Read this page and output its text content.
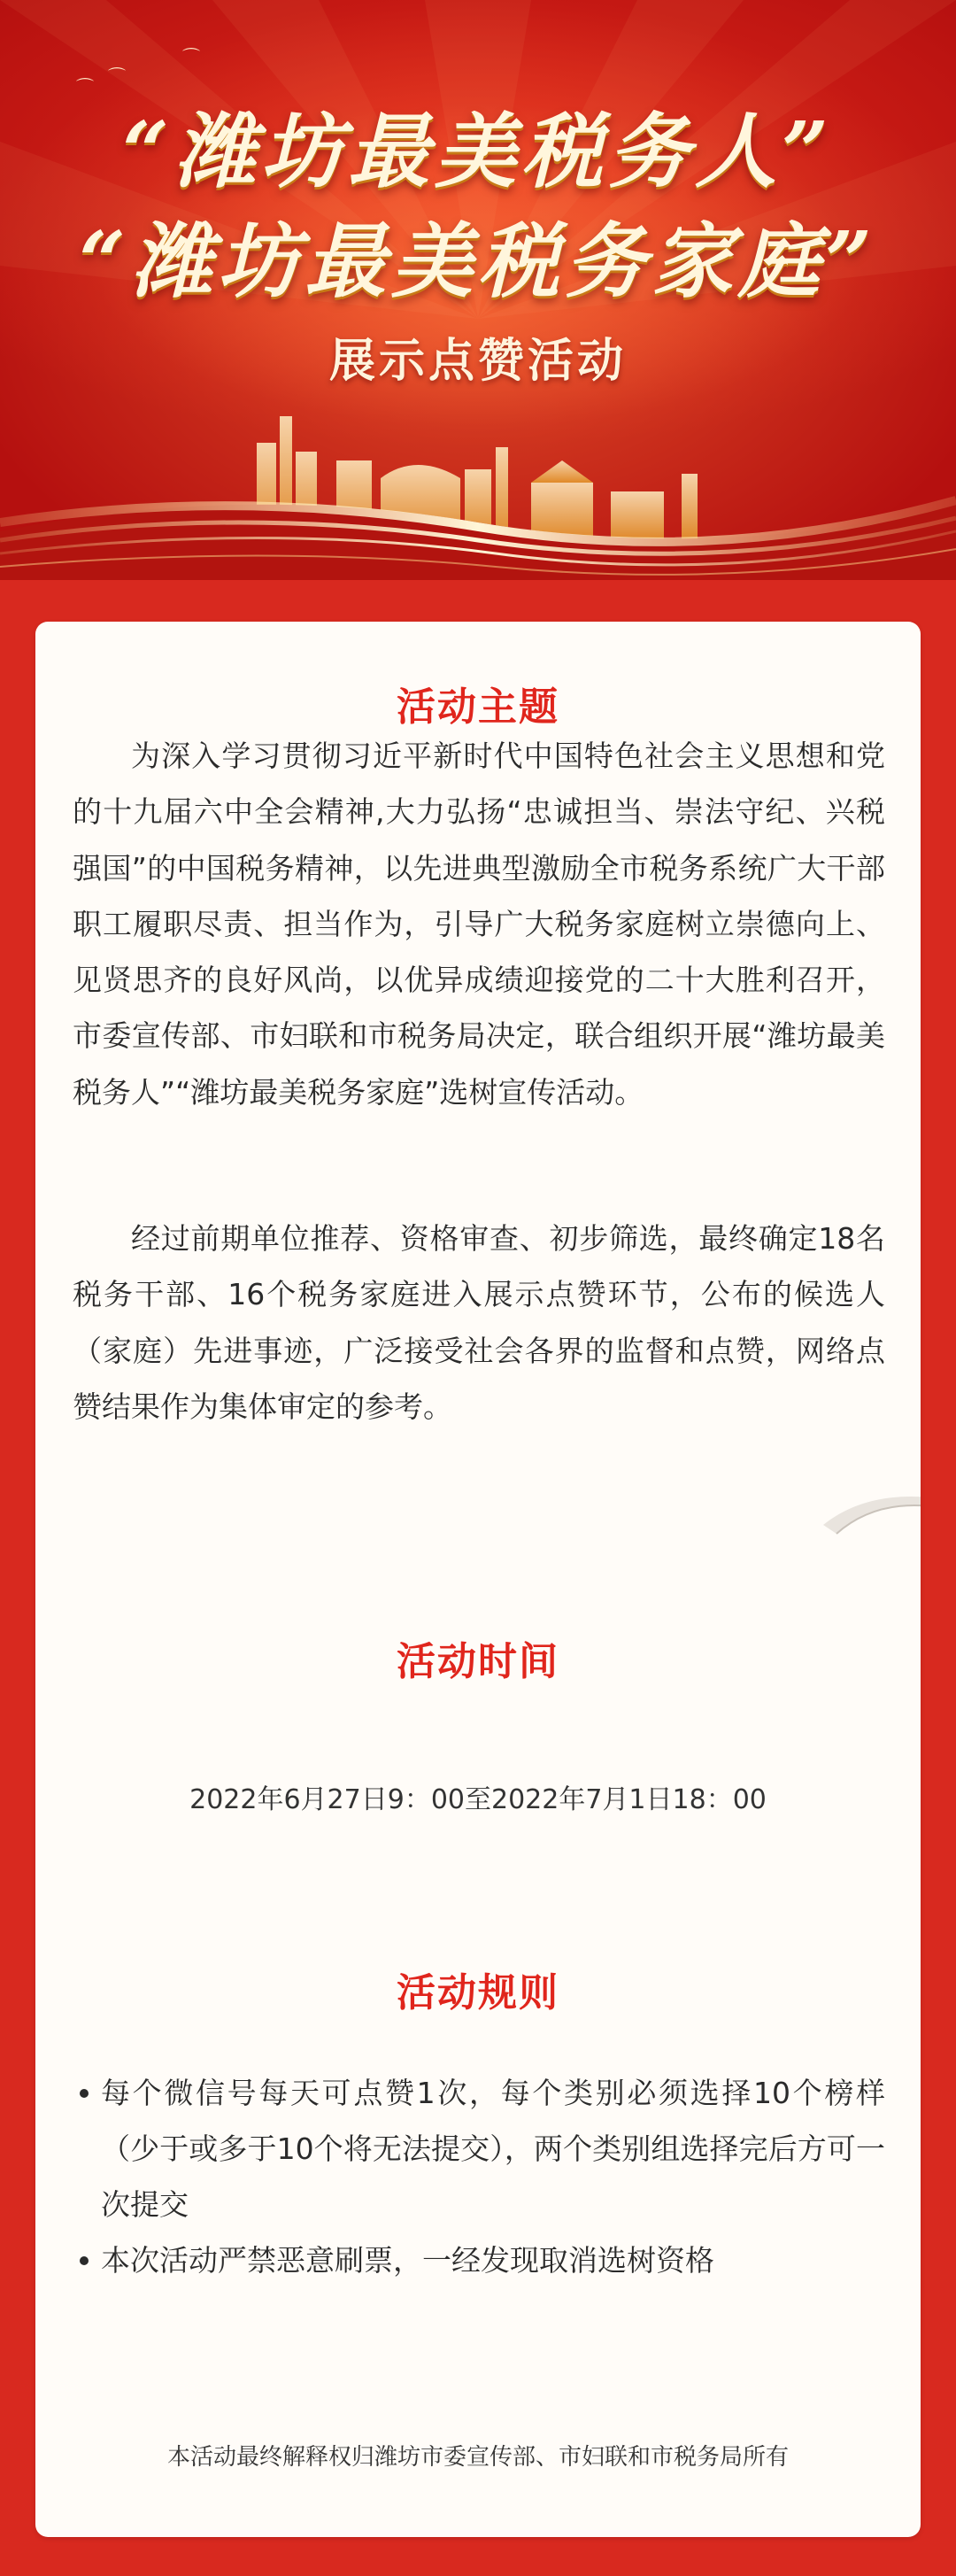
⌒ ⌒
⌒
“潍坊最美税务人”
“潍坊最美税务家庭”
展示点赞活动
活动主题
为深入学习贯彻习近平新时代中国特色社会主义思想和党的十九届六中全会精神,大力弘扬“忠诚担当、崇法守纪、兴税强国”的中国税务精神，以先进典型激励全市税务系统广大干部职工履职尽责、担当作为，引导广大税务家庭树立崇德向上、见贤思齐的良好风尚，以优异成绩迎接党的二十大胜利召开，市委宣传部、市妇联和市税务局决定，联合组织开展“潍坊最美税务人”“潍坊最美税务家庭”选树宣传活动。
经过前期单位推荐、资格审查、初步筛选，最终确定18名税务干部、16个税务家庭进入展示点赞环节，公布的候选人（家庭）先进事迹，广泛接受社会各界的监督和点赞，网络点赞结果作为集体审定的参考。
活动时间
2022年6月27日9：00至2022年7月1日18：00
活动规则
每个微信号每天可点赞1次，每个类别必须选择10个榜样（少于或多于10个将无法提交），两个类别组选择完后方可一次提交
本次活动严禁恶意刷票，一经发现取消选树资格
本活动最终解释权归潍坊市委宣传部、市妇联和市税务局所有
